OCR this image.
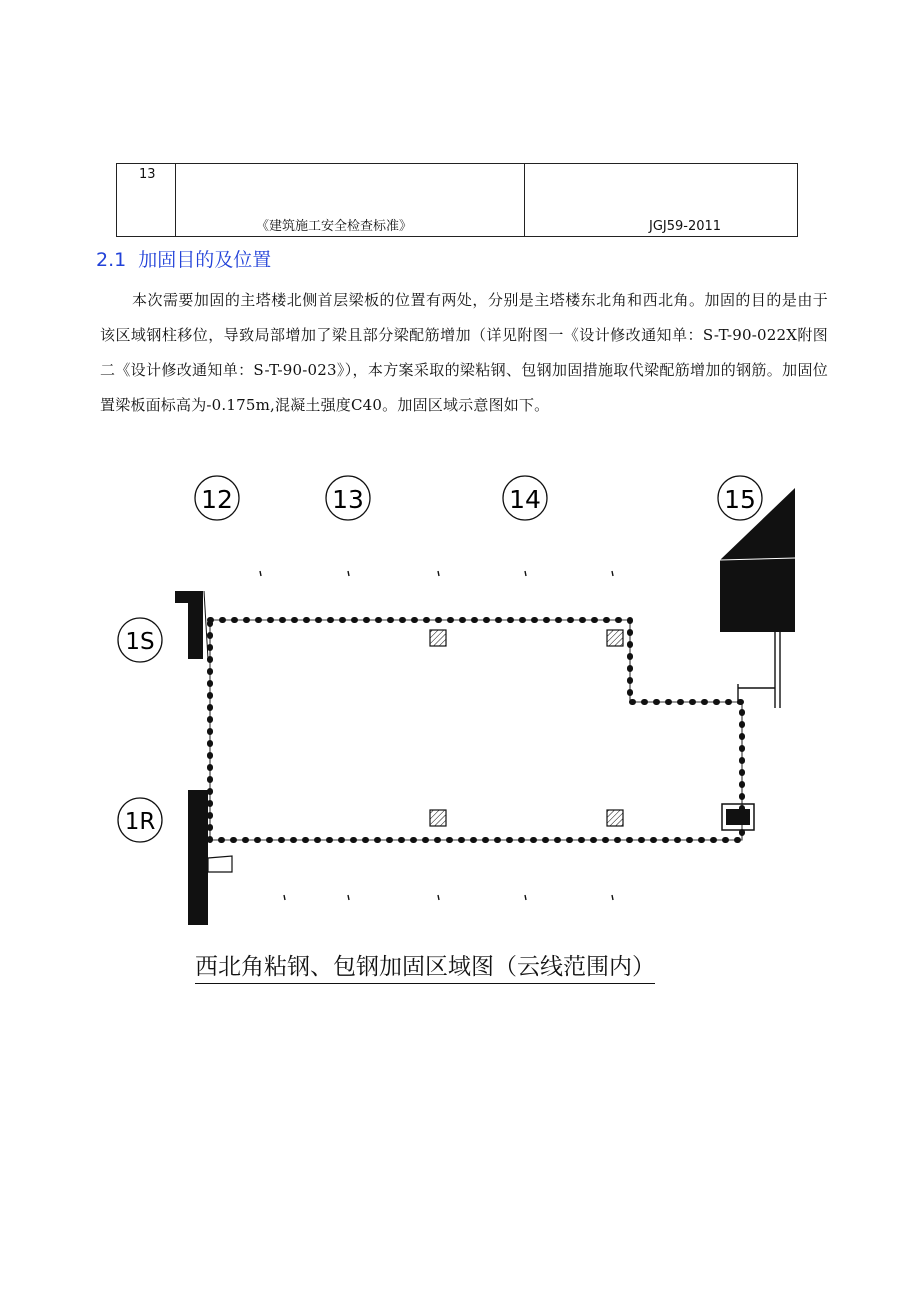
13

《建筑施工安全检查标准》	JGJ59-2011
2.1 加固目的及位置

本次需要加固的主塔楼北侧首层梁板的位置有两处，分别是主塔楼东北角和西北角。加固的目的是由于该区域钢柱移位，导致局部增加了梁且部分梁配筋增加（详见附图一《设计修改通知单：S-T-90-022X附图二《设计修改通知单：S-T-90-023》），本方案采取的梁粘钢、包钢加固措施取代梁配筋增加的钢筋。加固位置梁板面标高为-0.175m,混凝土强度C40。加固区域示意图如下。

12	13	14	15
1S
1R
西北角粘钢、包钢加固区域图（云线范围内）
